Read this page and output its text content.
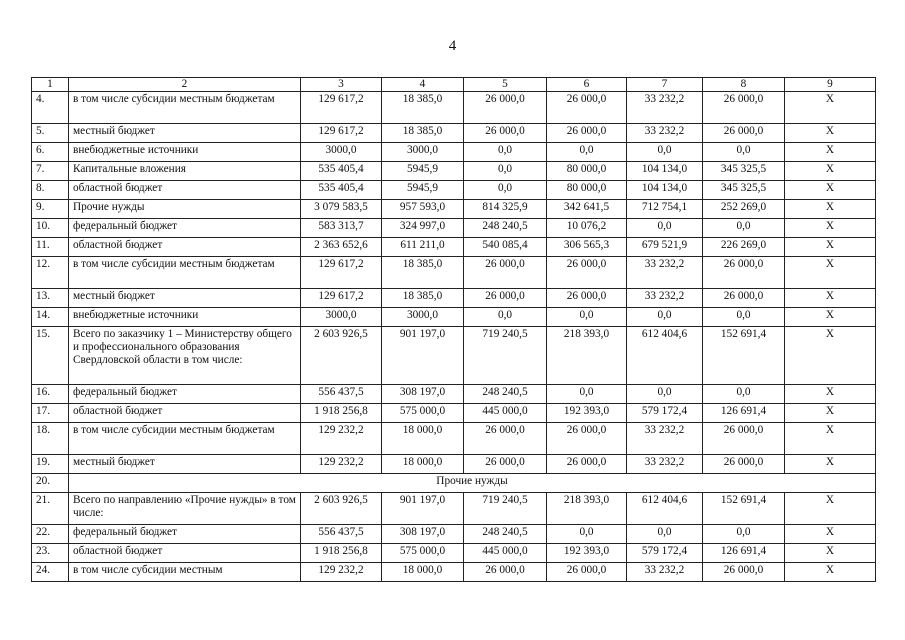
4
1	2	3	4	5	6	7	8	9
4.	в том числе субсидии местным бюджетам	129 617,2	18 385,0	26 000,0	26 000,0	33 232,2	26 000,0	X
5.	местный бюджет	129 617,2	18 385,0	26 000,0	26 000,0	33 232,2	26 000,0	X
6.	внебюджетные источники	3000,0	3000,0	0,0	0,0	0,0	0,0	X
7.	Капитальные вложения	535 405,4	5945,9	0,0	80 000,0	104 134,0	345 325,5	X
8.	областной бюджет	535 405,4	5945,9	0,0	80 000,0	104 134,0	345 325,5	X
9.	Прочие нужды	3 079 583,5	957 593,0	814 325,9	342 641,5	712 754,1	252 269,0	X
10.	федеральный бюджет	583 313,7	324 997,0	248 240,5	10 076,2	0,0	0,0	X
11.	областной бюджет	2 363 652,6	611 211,0	540 085,4	306 565,3	679 521,9	226 269,0	X
12.	в том числе субсидии местным бюджетам	129 617,2	18 385,0	26 000,0	26 000,0	33 232,2	26 000,0	X
13.	местный бюджет	129 617,2	18 385,0	26 000,0	26 000,0	33 232,2	26 000,0	X
14.	внебюджетные источники	3000,0	3000,0	0,0	0,0	0,0	0,0	X
15.	Всего по заказчику 1 – Министерству общего и профессионального образования Свердловской области в том числе:	2 603 926,5	901 197,0	719 240,5	218 393,0	612 404,6	152 691,4	X
16.	федеральный бюджет	556 437,5	308 197,0	248 240,5	0,0	0,0	0,0	X
17.	областной бюджет	1 918 256,8	575 000,0	445 000,0	192 393,0	579 172,4	126 691,4	X
18.	в том числе субсидии местным бюджетам	129 232,2	18 000,0	26 000,0	26 000,0	33 232,2	26 000,0	X
19.	местный бюджет	129 232,2	18 000,0	26 000,0	26 000,0	33 232,2	26 000,0	X
20.	Прочие нужды							
21.	Всего по направлению «Прочие нужды» в том числе:	2 603 926,5	901 197,0	719 240,5	218 393,0	612 404,6	152 691,4	X
22.	федеральный бюджет	556 437,5	308 197,0	248 240,5	0,0	0,0	0,0	X
23.	областной бюджет	1 918 256,8	575 000,0	445 000,0	192 393,0	579 172,4	126 691,4	X
24.	в том числе субсидии местным	129 232,2	18 000,0	26 000,0	26 000,0	33 232,2	26 000,0	X
